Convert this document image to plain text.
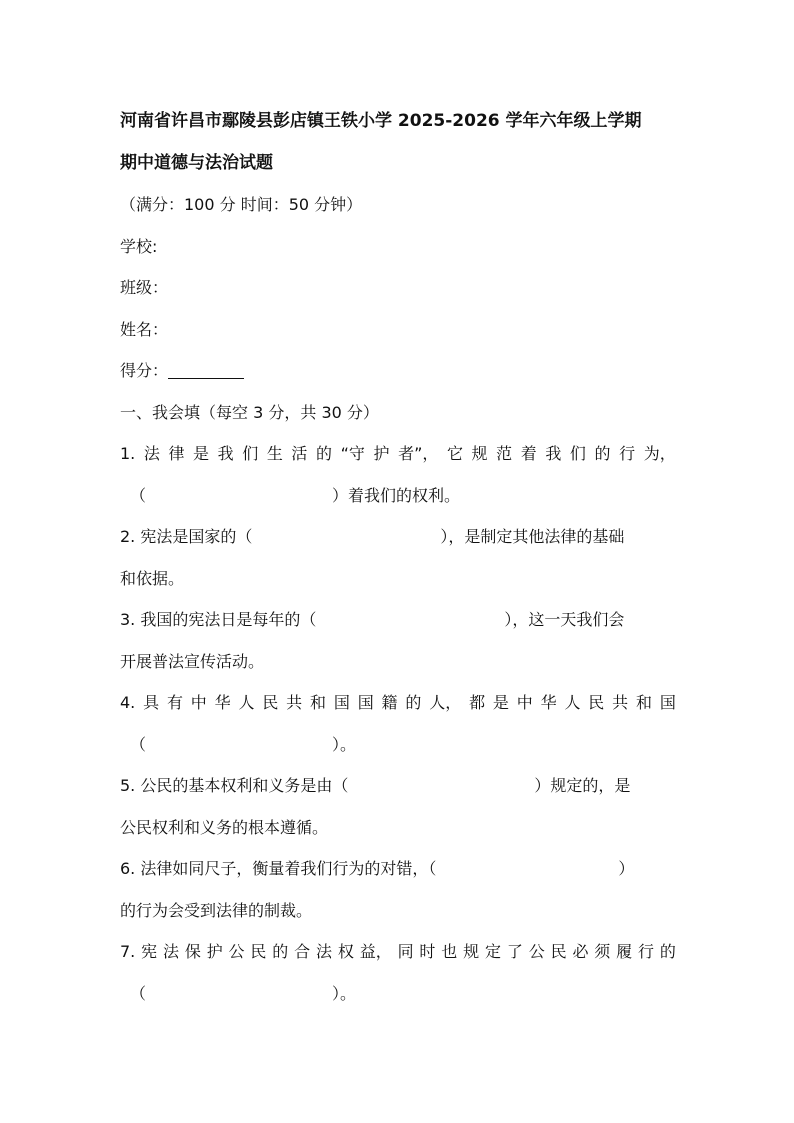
河南省许昌市鄢陵县彭店镇王铁小学 2025-2026 学年六年级上学期

期中道德与法治试题

（满分：100 分 时间：50 分钟）

学校:

班级：

姓名：

得分：

一、我会填（每空 3 分，共 30 分）

1. 法 律 是 我 们 生 活 的 “守 护 者”， 它 规 范 着 我 们 的 行 为，

（	）着我们的权利。

2. 宪法是国家的（	），是制定其他法律的基础

和依据。

3. 我国的宪法日是每年的（	），这一天我们会

开展普法宣传活动。

4. 具 有 中 华 人 民 共 和 国 国 籍 的 人， 都 是 中 华 人 民 共 和 国

（	）。

5. 公民的基本权利和义务是由（	）规定的，是

公民权利和义务的根本遵循。

6. 法律如同尺子，衡量着我们行为的对错，（	）

的行为会受到法律的制裁。

7. 宪 法 保 护 公 民 的 合 法 权 益， 同 时 也 规 定 了 公 民 必 须 履 行 的

（	）。
